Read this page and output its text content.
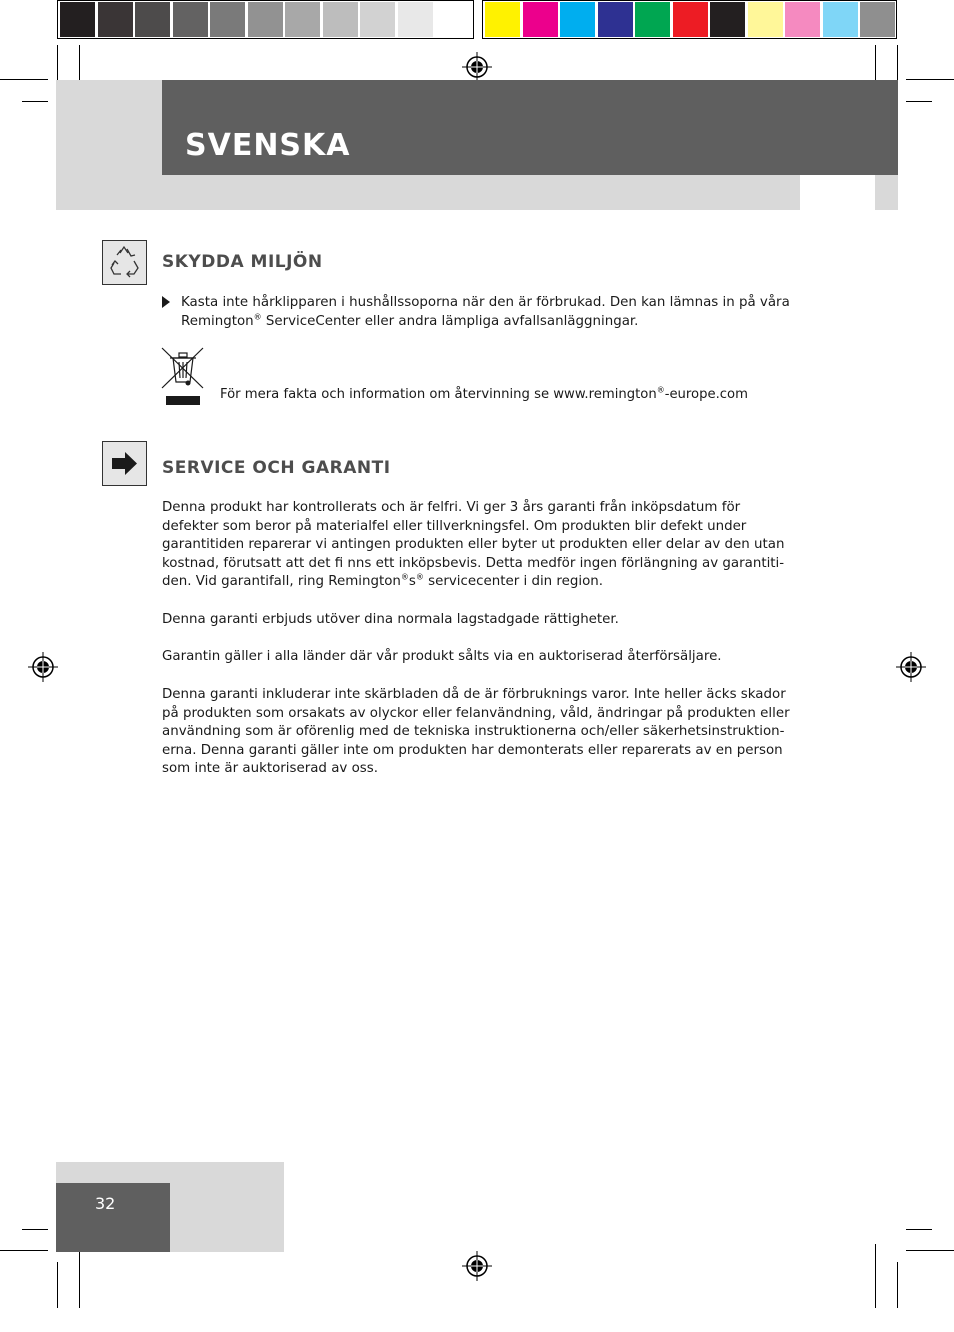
SVENSKA
SKYDDA MILJÖN

Kasta inte hårklipparen i hushållssoporna när den är förbrukad. Den kan lämnas in på våra
Remington® ServiceCenter eller andra lämpliga avfallsanläggningar.

För mera fakta och information om återvinning se www.remington®-europe.com

SERVICE OCH GARANTI

Denna produkt har kontrollerats och är felfri. Vi ger 3 års garanti från inköpsdatum för
defekter som beror på materialfel eller tillverkningsfel. Om produkten blir defekt under
garantitiden reparerar vi antingen produkten eller byter ut produkten eller delar av den utan
kostnad, förutsatt att det fi nns ett inköpsbevis. Detta medför ingen förlängning av garantiti-
den. Vid garantifall, ring Remington®s® servicecenter i din region.

Denna garanti erbjuds utöver dina normala lagstadgade rättigheter.

Garantin gäller i alla länder där vår produkt sålts via en auktoriserad återförsäljare.

Denna garanti inkluderar inte skärbladen då de är förbruknings varor. Inte heller äcks skador
på produkten som orsakats av olyckor eller felanvändning, våld, ändringar på produkten eller
användning som är oförenlig med de tekniska instruktionerna och/eller säkerhetsinstruktion-
erna. Denna garanti gäller inte om produkten har demonterats eller reparerats av en person
som inte är auktoriserad av oss.

32
